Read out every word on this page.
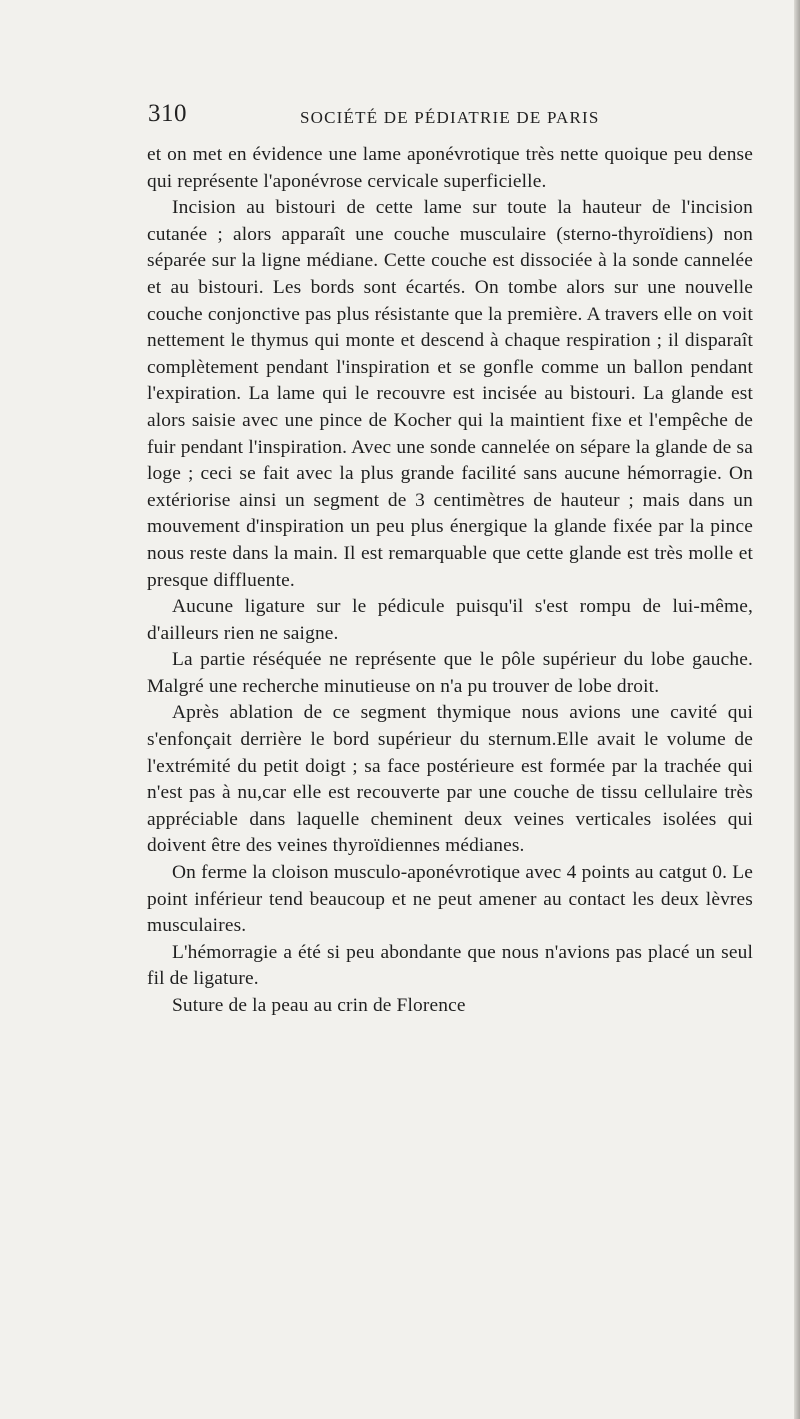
310	SOCIÉTÉ DE PÉDIATRIE DE PARIS

et on met en évidence une lame aponévrotique très nette quoique peu dense qui représente l'aponévrose cervicale superficielle.

Incision au bistouri de cette lame sur toute la hauteur de l'incision cutanée ; alors apparaît une couche musculaire (sterno-thyroïdiens) non séparée sur la ligne médiane. Cette couche est dissociée à la sonde cannelée et au bistouri. Les bords sont écartés. On tombe alors sur une nouvelle couche conjonctive pas plus résistante que la première. A travers elle on voit nettement le thymus qui monte et descend à chaque respiration ; il disparaît complètement pendant l'inspiration et se gonfle comme un ballon pendant l'expiration. La lame qui le recouvre est incisée au bistouri. La glande est alors saisie avec une pince de Kocher qui la maintient fixe et l'empêche de fuir pendant l'inspiration. Avec une sonde cannelée on sépare la glande de sa loge ; ceci se fait avec la plus grande facilité sans aucune hémorragie. On extériorise ainsi un segment de 3 centimètres de hauteur ; mais dans un mouvement d'inspiration un peu plus énergique la glande fixée par la pince nous reste dans la main. Il est remarquable que cette glande est très molle et presque diffluente.

Aucune ligature sur le pédicule puisqu'il s'est rompu de lui-même, d'ailleurs rien ne saigne.

La partie réséquée ne représente que le pôle supérieur du lobe gauche. Malgré une recherche minutieuse on n'a pu trouver de lobe droit.

Après ablation de ce segment thymique nous avions une cavité qui s'enfonçait derrière le bord supérieur du sternum.Elle avait le volume de l'extrémité du petit doigt ; sa face postérieure est formée par la trachée qui n'est pas à nu,car elle est recouverte par une couche de tissu cellulaire très appréciable dans laquelle cheminent deux veines verticales isolées qui doivent être des veines thyroïdiennes médianes.

On ferme la cloison musculo-aponévrotique avec 4 points au catgut 0. Le point inférieur tend beaucoup et ne peut amener au contact les deux lèvres musculaires.

L'hémorragie a été si peu abondante que nous n'avions pas placé un seul fil de ligature.

Suture de la peau au crin de Florence
